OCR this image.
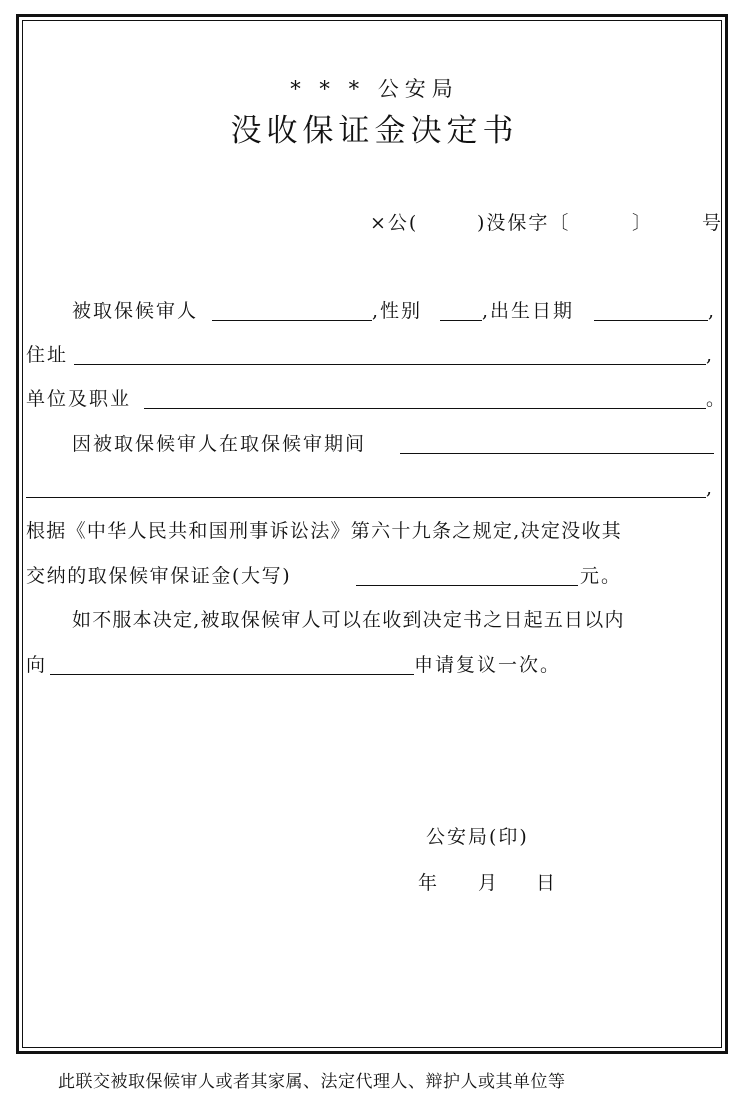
* * * 公安局
没收保证金决定书
×公(	)没保字〔	〕	号
被取保候审人	,性别	,出生日期	,
住址	,
单位及职业	。
因被取保候审人在取保候审期间
,
根据《中华人民共和国刑事诉讼法》第六十九条之规定,决定没收其
交纳的取保候审保证金(大写)	元。
如不服本决定,被取保候审人可以在收到决定书之日起五日以内
向	申请复议一次。
公安局(印)
年 月 日
此联交被取保候审人或者其家属、法定代理人、辩护人或其单位等
